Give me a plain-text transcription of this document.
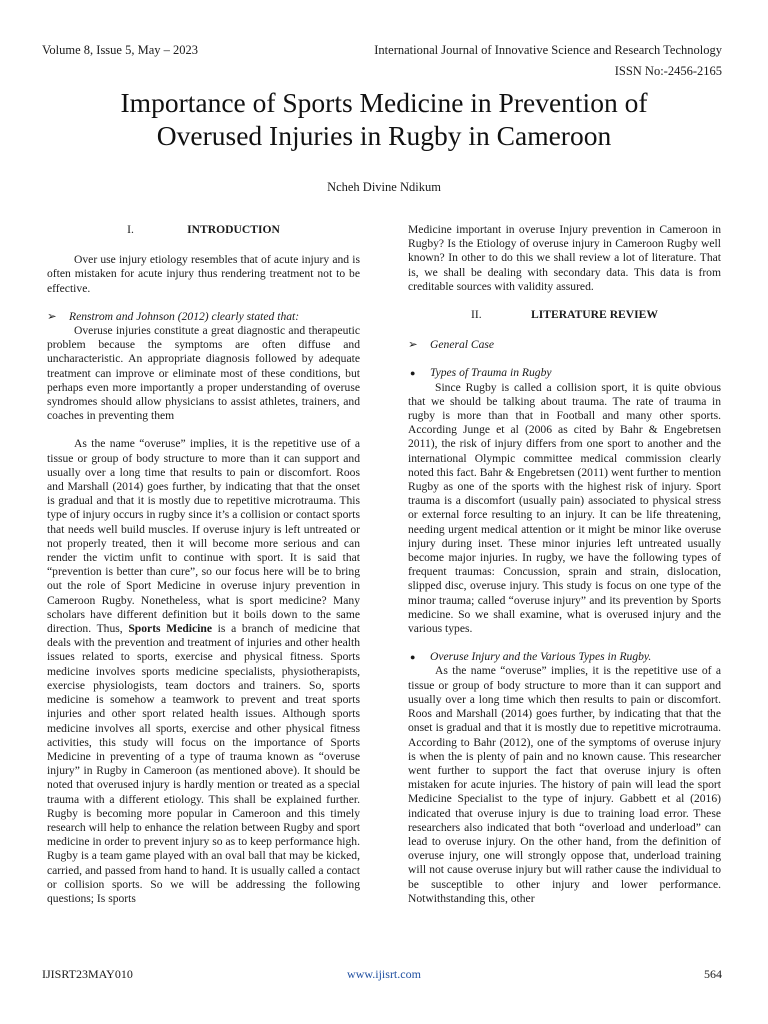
Volume 8, Issue 5, May – 2023	International Journal of Innovative Science and Research Technology
ISSN No:-2456-2165
Importance of Sports Medicine in Prevention of
Overused Injuries in Rugby in Cameroon
Ncheh Divine Ndikum
I.	INTRODUCTION

Over use injury etiology resembles that of acute injury and is often mistaken for acute injury thus rendering treatment not to be effective.

➢	Renstrom and Johnson (2012) clearly stated that:

Overuse injuries constitute a great diagnostic and therapeutic problem because the symptoms are often diffuse and uncharacteristic. An appropriate diagnosis followed by adequate treatment can improve or eliminate most of these conditions, but perhaps even more importantly a proper understanding of overuse syndromes should allow physicians to assist athletes, trainers, and coaches in preventing them

As the name “overuse” implies, it is the repetitive use of a tissue or group of body structure to more than it can support and usually over a long time that results to pain or discomfort. Roos and Marshall (2014) goes further, by indicating that that the onset is gradual and that it is mostly due to repetitive microtrauma. This type of injury occurs in rugby since it’s a collision or contact sports that needs well build muscles. If overuse injury is left untreated or not properly treated, then it will become more serious and can render the victim unfit to continue with sport. It is said that “prevention is better than cure”, so our focus here will be to bring out the role of Sport Medicine in overuse injury prevention in Cameroon Rugby. Nonetheless, what is sport medicine? Many scholars have different definition but it boils down to the same direction. Thus, Sports Medicine is a branch of medicine that deals with the prevention and treatment of injuries and other health issues related to sports, exercise and physical fitness. Sports medicine involves sports medicine specialists, physiotherapists, exercise physiologists, team doctors and trainers. So, sports medicine is somehow a teamwork to prevent and treat sports injuries and other sport related health issues. Although sports medicine involves all sports, exercise and other physical fitness activities, this study will focus on the importance of Sports Medicine in preventing of a type of trauma known as “overuse injury” in Rugby in Cameroon (as mentioned above). It should be noted that overused injury is hardly mention or treated as a special trauma with a different etiology. This shall be explained further. Rugby is becoming more popular in Cameroon and this timely research will help to enhance the relation between Rugby and sport medicine in order to prevent injury so as to keep performance high. Rugby is a team game played with an oval ball that may be kicked, carried, and passed from hand to hand. It is usually called a contact or collision sports. So we will be addressing the following questions; Is sports

Medicine important in overuse Injury prevention in Cameroon in Rugby? Is the Etiology of overuse injury in Cameroon Rugby well known? In other to do this we shall review a lot of literature. That is, we shall be dealing with secondary data. This data is from creditable sources with validity assured.

II.	LITERATURE REVIEW
➢	General Case
●	Types of Trauma in Rugby

Since Rugby is called a collision sport, it is quite obvious that we should be talking about trauma. The rate of trauma in rugby is more than that in Football and many other sports. According Junge et al (2006 as cited by Bahr & Engebretsen 2011), the risk of injury differs from one sport to another and the international Olympic committee medical commission clearly noted this fact. Bahr & Engebretsen (2011) went further to mention Rugby as one of the sports with the highest risk of injury. Sport trauma is a discomfort (usually pain) associated to physical stress or external force resulting to an injury. It can be life threatening, needing urgent medical attention or it might be minor like overuse injury during inset. These minor injuries left untreated usually become major injuries. In rugby, we have the following types of frequent traumas: Concussion, sprain and strain, dislocation, slipped disc, overuse injury. This study is focus on one type of the minor trauma; called “overuse injury” and its prevention by Sports medicine. So we shall examine, what is overused injury and the various types.

●	Overuse Injury and the Various Types in Rugby.

As the name “overuse” implies, it is the repetitive use of a tissue or group of body structure to more than it can support and usually over a long time which then results to pain or discomfort. Roos and Marshall (2014) goes further, by indicating that that the onset is gradual and that it is mostly due to repetitive microtrauma. According to Bahr (2012), one of the symptoms of overuse injury is when the is plenty of pain and no known cause. This researcher went further to support the fact that overuse injury is often mistaken for acute injuries. The history of pain will lead the sport Medicine Specialist to the type of injury. Gabbett et al (2016) indicated that overuse injury is due to training load error. These researchers also indicated that both “overload and underload” can lead to overuse injury. On the other hand, from the definition of overuse injury, one will strongly oppose that, underload training will not cause overuse injury but will rather cause the individual to be susceptible to other injury and lower performance. Notwithstanding this, other

IJISRT23MAY010	www.ijisrt.com	564
